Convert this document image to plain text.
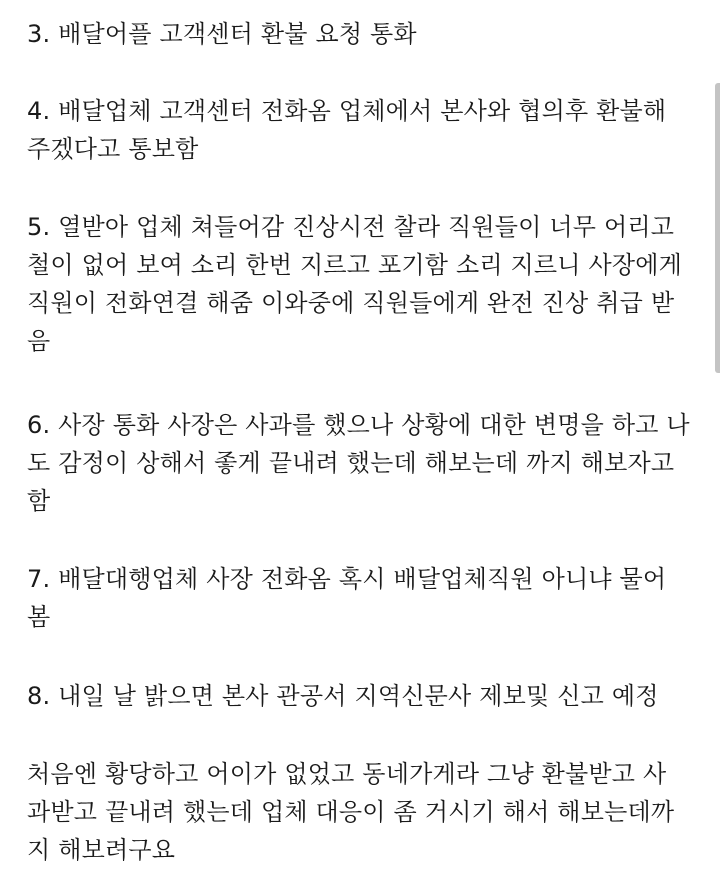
3. 배달어플 고객센터 환불 요청 통화

4. 배달업체 고객센터 전화옴 업체에서 본사와 협의후 환불해
주겠다고 통보함

5. 열받아 업체 쳐들어감 진상시전 찰라 직원들이 너무 어리고
철이 없어 보여 소리 한번 지르고 포기함 소리 지르니 사장에게
직원이 전화연결 해줌 이와중에 직원들에게 완전 진상 취급 받
음

6. 사장 통화 사장은 사과를 했으나 상황에 대한 변명을 하고 나
도 감정이 상해서 좋게 끝내려 했는데 해보는데 까지 해보자고
함

7. 배달대행업체 사장 전화옴 혹시 배달업체직원 아니냐 물어
봄

8. 내일 날 밝으면 본사 관공서 지역신문사 제보및 신고 예정

처음엔 황당하고 어이가 없었고 동네가게라 그냥 환불받고 사
과받고 끝내려 했는데 업체 대응이 좀 거시기 해서 해보는데까
지 해보려구요
